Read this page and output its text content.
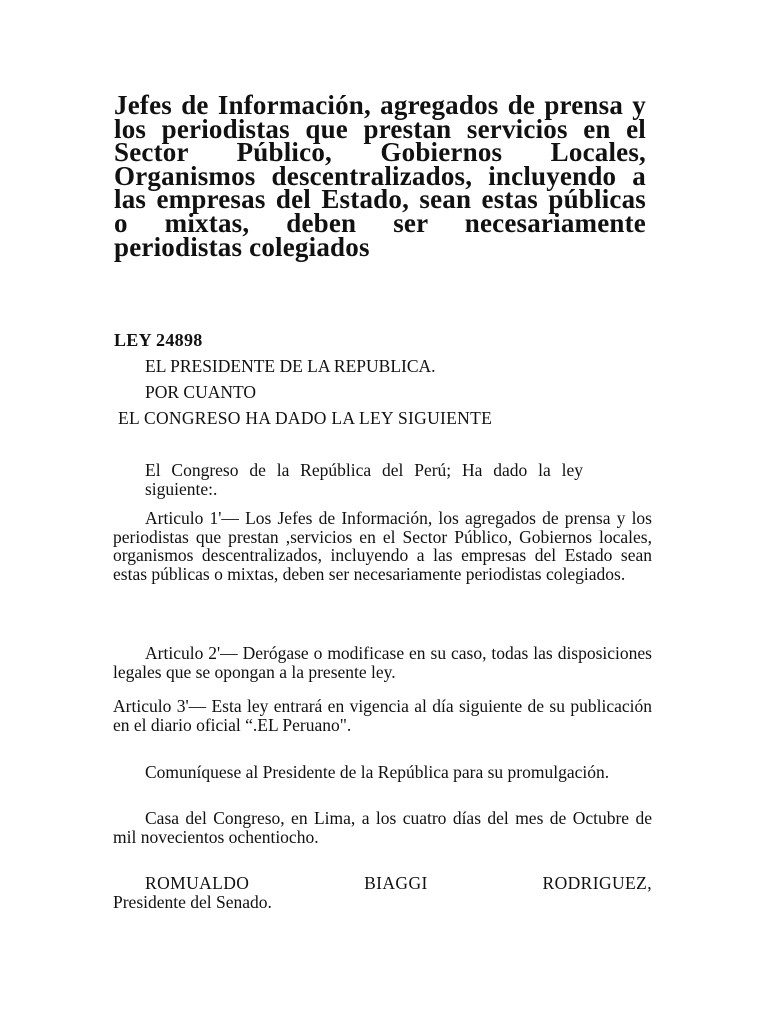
Jefes de Información, agregados de prensa y los periodistas que prestan servicios en el Sector Público, Gobiernos Locales, Organismos descentralizados, incluyendo a las empresas del Estado, sean estas públicas o mixtas, deben ser necesariamente periodistas colegiados
LEY 24898

EL PRESIDENTE DE LA REPUBLICA.

POR CUANTO

EL CONGRESO HA DADO LA LEY SIGUIENTE

El Congreso de la República del Perú; Ha dado la ley siguiente:.

Articulo 1'— Los Jefes de Información, los agregados de prensa y los periodistas que prestan ,servicios en el Sector Público, Gobiernos locales, organismos descentralizados, incluyendo a las empresas del Estado sean estas públicas o mixtas, deben ser necesariamente periodistas colegiados.

Articulo 2'— Derógase o modificase en su caso, todas las disposiciones legales que se opongan a la presente ley.

Articulo 3'— Esta ley entrará en vigencia al día siguiente de su publicación en el diario oficial “.EL Peruano".

Comuníquese al Presidente de la República para su promulgación.

Casa del Congreso, en Lima, a los cuatro días del mes de Octubre de mil novecientos ochentiocho.

ROMUALDO BIAGGI RODRIGUEZ,

Presidente del Senado.
